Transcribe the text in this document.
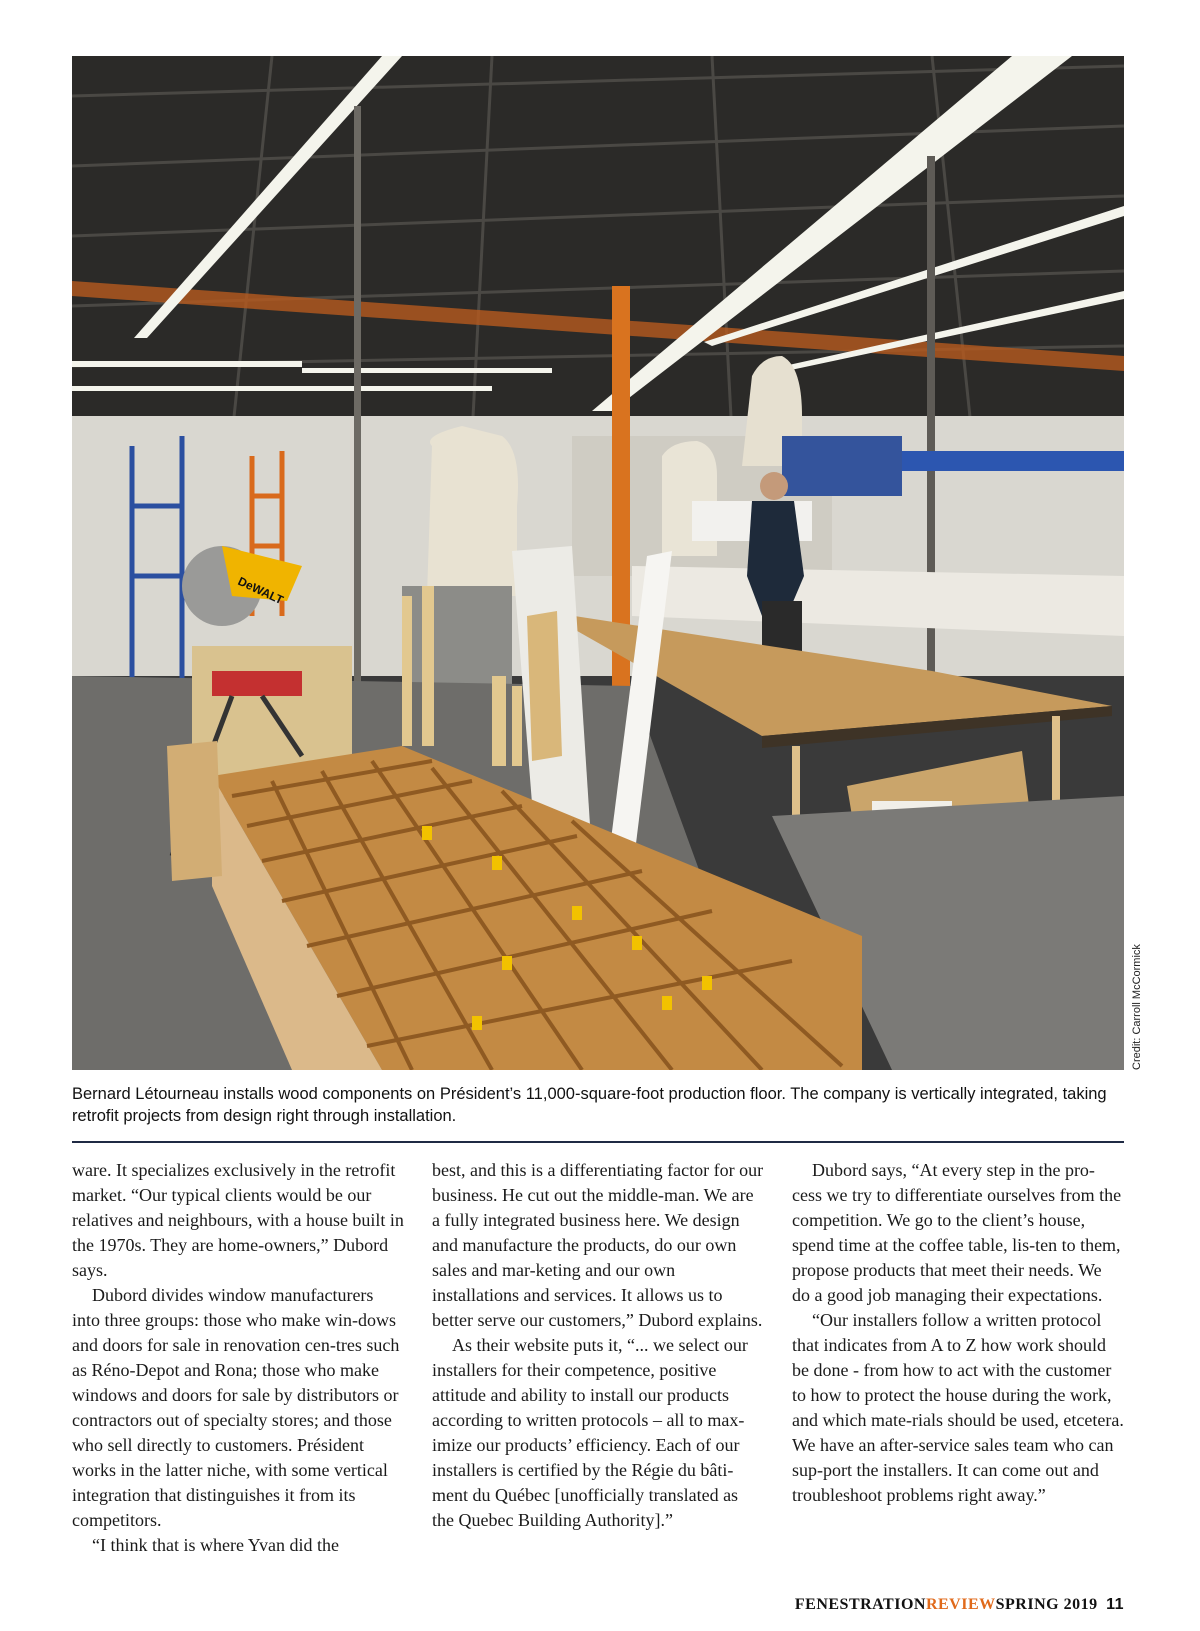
DeWALT
Credit: Carroll McCormick
Bernard Létourneau installs wood components on Président’s 11,000-square-foot production floor. The company is vertically integrated, taking retrofit projects from design right through installation.

ware. It specializes exclusively in the retrofit market. “Our typical clients would be our relatives and neighbours, with a house built in the 1970s. They are home-owners,” Dubord says.

Dubord divides window manufacturers into three groups: those who make win-dows and doors for sale in renovation cen-tres such as Réno-Depot and Rona; those who make windows and doors for sale by distributors or contractors out of specialty stores; and those who sell directly to customers. Président works in the latter niche, with some vertical integration that distinguishes it from its competitors.

“I think that is where Yvan did the

best, and this is a differentiating factor for our business. He cut out the middle-man. We are a fully integrated business here. We design and manufacture the products, do our own sales and mar-keting and our own installations and services. It allows us to better serve our customers,” Dubord explains.

As their website puts it, “... we select our installers for their competence, positive attitude and ability to install our products according to written protocols – all to max-imize our products’ efficiency. Each of our installers is certified by the Régie du bâti-ment du Québec [unofficially translated as the Quebec Building Authority].”

Dubord says, “At every step in the pro-cess we try to differentiate ourselves from the competition. We go to the client’s house, spend time at the coffee table, lis-ten to them, propose products that meet their needs. We do a good job managing their expectations.

“Our installers follow a written protocol that indicates from A to Z how work should be done - from how to act with the customer to how to protect the house during the work, and which mate-rials should be used, etcetera. We have an after-service sales team who can sup-port the installers. It can come out and troubleshoot problems right away.”

FENESTRATIONREVIEWSPRING 2019 11
